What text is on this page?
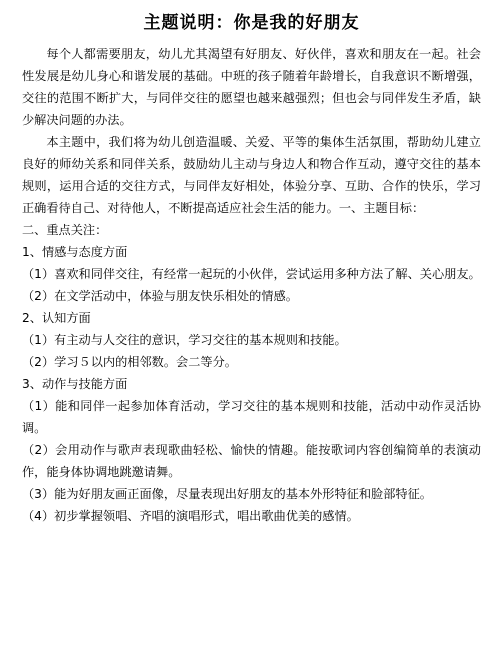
主题说明：你是我的好朋友

每个人都需要朋友，幼儿尤其渴望有好朋友、好伙伴，喜欢和朋友在一起。社会性发展是幼儿身心和谐发展的基础。中班的孩子随着年龄增长，自我意识不断增强，交往的范围不断扩大，与同伴交往的愿望也越来越强烈；但也会与同伴发生矛盾，缺少解决问题的办法。

本主题中，我们将为幼儿创造温暖、关爱、平等的集体生活氛围，帮助幼儿建立良好的师幼关系和同伴关系，鼓励幼儿主动与身边人和物合作互动，遵守交往的基本规则，运用合适的交往方式，与同伴友好相处，体验分享、互助、合作的快乐，学习正确看待自己、对待他人，不断提高适应社会生活的能力。一、主题目标：

二、重点关注：

1、情感与态度方面

（1）喜欢和同伴交往，有经常一起玩的小伙伴，尝试运用多种方法了解、关心朋友。

（2）在文学活动中，体验与朋友快乐相处的情感。

2、认知方面

（1）有主动与人交往的意识，学习交往的基本规则和技能。

（2）学习５以内的相邻数。会二等分。

3、动作与技能方面

（1）能和同伴一起参加体育活动，学习交往的基本规则和技能，活动中动作灵活协调。

（2）会用动作与歌声表现歌曲轻松、愉快的情趣。能按歌词内容创编简单的表演动作，能身体协调地跳邀请舞。

（3）能为好朋友画正面像，尽量表现出好朋友的基本外形特征和脸部特征。

（4）初步掌握领唱、齐唱的演唱形式，唱出歌曲优美的感情。
